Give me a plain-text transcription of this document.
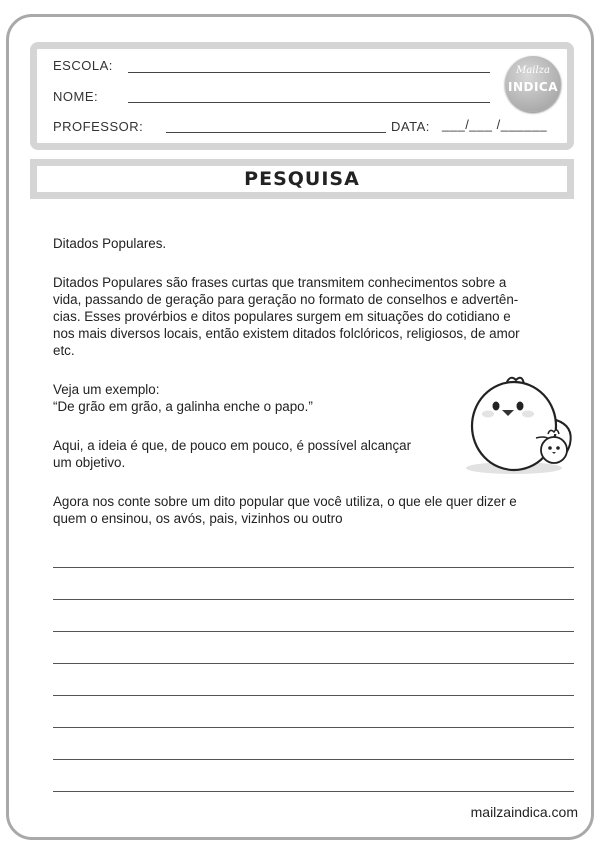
ESCOLA:
NOME:
PROFESSOR:	DATA: ___/___ /______
Mailza
INDICA
PESQUISA
Ditados Populares.
Ditados Populares são frases curtas que transmitem conhecimentos sobre a
vida, passando de geração para geração no formato de conselhos e advertên-
cias. Esses provérbios e ditos populares surgem em situações do cotidiano e
nos mais diversos locais, então existem ditados folclóricos, religiosos, de amor
etc.
Veja um exemplo:
“De grão em grão, a galinha enche o papo.”
Aqui, a ideia é que, de pouco em pouco, é possível alcançar
um objetivo.
Agora nos conte sobre um dito popular que você utiliza, o que ele quer dizer e
quem o ensinou, os avós, pais, vizinhos ou outro
mailzaindica.com
